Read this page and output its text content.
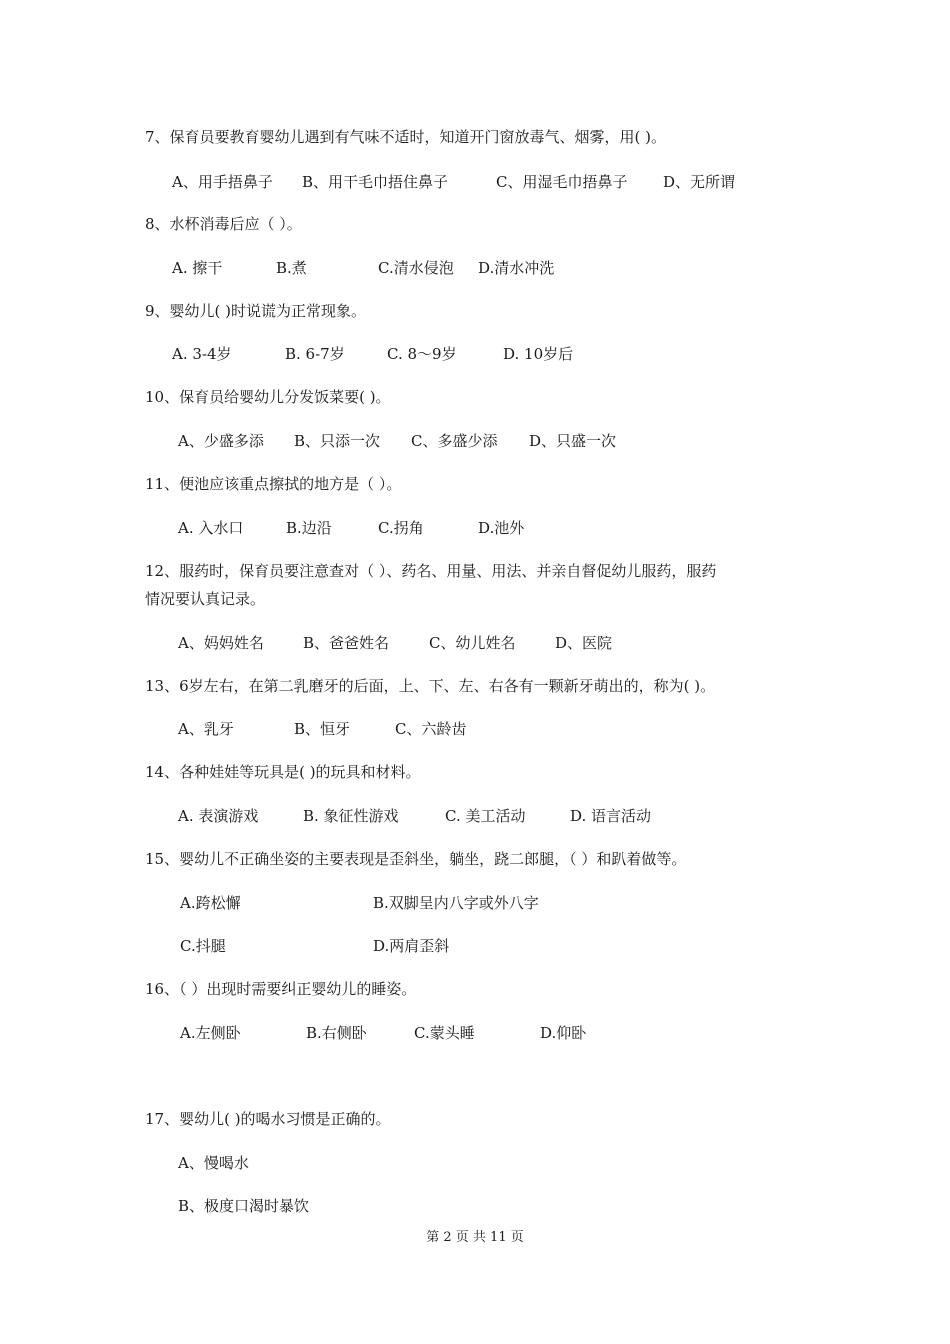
7、保育员要教育婴幼儿遇到有气味不适时，知道开门窗放毒气、烟雾，用( )。
A、用手捂鼻子 B、用干毛巾捂住鼻子	C、用湿毛巾捂鼻子 D、无所谓
8、水杯消毒后应（ ）。
A. 擦干	B.煮	C.清水侵泡 D.清水冲洗
9、婴幼儿( )时说谎为正常现象。
A. 3-4岁	B. 6-7岁	C. 8～9岁	D. 10岁后
10、保育员给婴幼儿分发饭菜要( )。
A、少盛多添 B、只添一次 C、多盛少添 D、只盛一次
11、便池应该重点擦拭的地方是（ ）。
A. 入水口	B.边沿	C.拐角	D.池外
12、服药时，保育员要注意查对（ ）、药名、用量、用法、并亲自督促幼儿服药，服药
情况要认真记录。
A、妈妈姓名	B、爸爸姓名	C、幼儿姓名	D、医院
13、6岁左右，在第二乳磨牙的后面，上、下、左、右各有一颗新牙萌出的，称为( )。
A、乳牙	B、恒牙	C、六龄齿
14、各种娃娃等玩具是( )的玩具和材料。
A. 表演游戏	B. 象征性游戏	C. 美工活动	D. 语言活动
15、婴幼儿不正确坐姿的主要表现是歪斜坐，躺坐，跷二郎腿，（ ）和趴着做等。
A.跨松懈	B.双脚呈内八字或外八字
C.抖腿	D.两肩歪斜
16、（ ）出现时需要纠正婴幼儿的睡姿。
A.左侧卧	B.右侧卧	C.蒙头睡	D.仰卧
17、婴幼儿( )的喝水习惯是正确的。
A、慢喝水
B、极度口渴时暴饮
第 2 页 共 11 页
